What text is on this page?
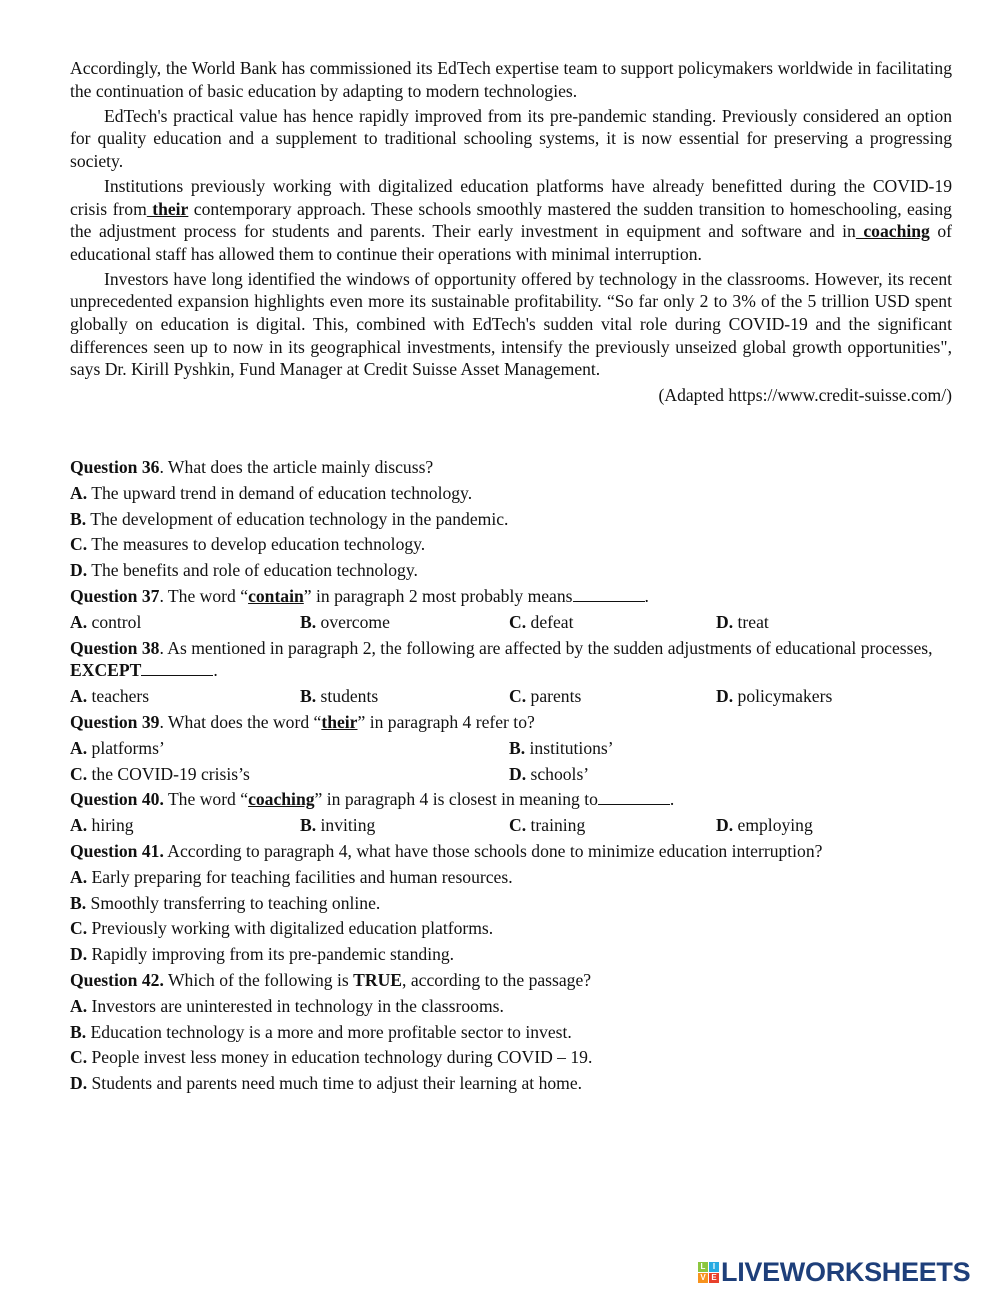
Accordingly, the World Bank has commissioned its EdTech expertise team to support policymakers worldwide in facilitating the continuation of basic education by adapting to modern technologies.

EdTech's practical value has hence rapidly improved from its pre-pandemic standing. Previously considered an option for quality education and a supplement to traditional schooling systems, it is now essential for preserving a progressing society.

Institutions previously working with digitalized education platforms have already benefitted during the COVID-19 crisis from their contemporary approach. These schools smoothly mastered the sudden transition to homeschooling, easing the adjustment process for students and parents. Their early investment in equipment and software and in coaching of educational staff has allowed them to continue their operations with minimal interruption.

Investors have long identified the windows of opportunity offered by technology in the classrooms. However, its recent unprecedented expansion highlights even more its sustainable profitability. “So far only 2 to 3% of the 5 trillion USD spent globally on education is digital. This, combined with EdTech's sudden vital role during COVID-19 and the significant differences seen up to now in its geographical investments, intensify the previously unseized global growth opportunities", says Dr. Kirill Pyshkin, Fund Manager at Credit Suisse Asset Management.

(Adapted https://www.credit-suisse.com/)
Question 36. What does the article mainly discuss?
A. The upward trend in demand of education technology.
B. The development of education technology in the pandemic.
C. The measures to develop education technology.
D. The benefits and role of education technology.
Question 37. The word “contain” in paragraph 2 most probably means	.
A. control	B. overcome	C. defeat	D. treat
Question 38. As mentioned in paragraph 2, the following are affected by the sudden adjustments of educational processes, EXCEPT	.
A. teachers	B. students	C. parents	D. policymakers
Question 39. What does the word “their” in paragraph 4 refer to?
A. platforms’	B. institutions’
C. the COVID-19 crisis’s	D. schools’
Question 40. The word “coaching” in paragraph 4 is closest in meaning to	.
A. hiring	B. inviting	C. training	D. employing
Question 41. According to paragraph 4, what have those schools done to minimize education interruption?
A. Early preparing for teaching facilities and human resources.
B. Smoothly transferring to teaching online.
C. Previously working with digitalized education platforms.
D. Rapidly improving from its pre-pandemic standing.
Question 42. Which of the following is TRUE, according to the passage?
A. Investors are uninterested in technology in the classrooms.
B. Education technology is a more and more profitable sector to invest.
C. People invest less money in education technology during COVID – 19.
D. Students and parents need much time to adjust their learning at home.
L I
V E LIVEWORKSHEETS
